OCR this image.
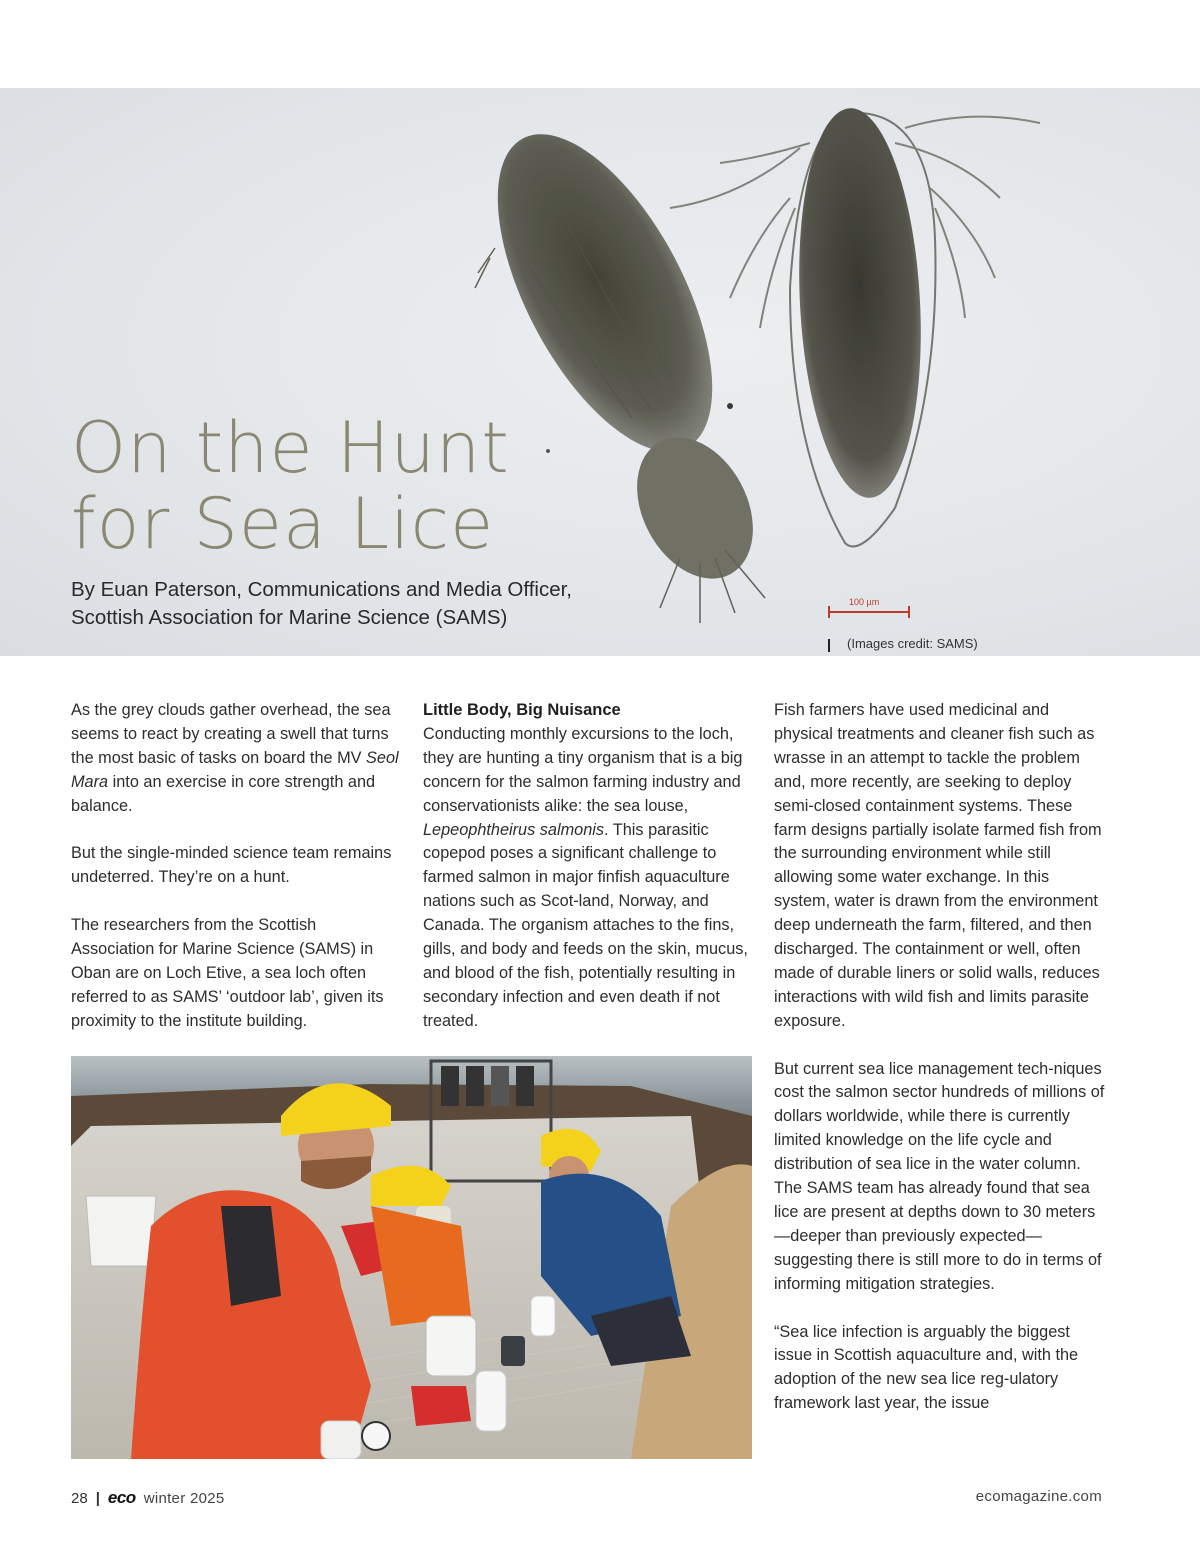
On the Hunt
for Sea Lice

By Euan Paterson, Communications and Media Officer,
Scottish Association for Marine Science (SAMS)

100 µm
(Images credit: SAMS)

As the grey clouds gather overhead, the sea seems to react by creating a swell that turns the most basic of tasks on board the MV Seol Mara into an exercise in core strength and balance.

But the single-minded science team remains undeterred. They’re on a hunt.

The researchers from the Scottish Association for Marine Science (SAMS) in Oban are on Loch Etive, a sea loch often referred to as SAMS’ ‘outdoor lab’, given its proximity to the institute building.

Little Body, Big Nuisance

Conducting monthly excursions to the loch, they are hunting a tiny organism that is a big concern for the salmon farming industry and conservationists alike: the sea louse, Lepeophtheirus salmonis. This parasitic copepod poses a significant challenge to farmed salmon in major finfish aquaculture nations such as Scot-land, Norway, and Canada. The organism attaches to the fins, gills, and body and feeds on the skin, mucus, and blood of the fish, potentially resulting in secondary infection and even death if not treated.

Fish farmers have used medicinal and physical treatments and cleaner fish such as wrasse in an attempt to tackle the problem and, more recently, are seeking to deploy semi-closed containment systems. These farm designs partially isolate farmed fish from the surrounding environment while still allowing some water exchange. In this system, water is drawn from the environment deep underneath the farm, filtered, and then discharged. The containment or well, often made of durable liners or solid walls, reduces interactions with wild fish and limits parasite exposure.

But current sea lice management tech-niques cost the salmon sector hundreds of millions of dollars worldwide, while there is currently limited knowledge on the life cycle and distribution of sea lice in the water column. The SAMS team has already found that sea lice are present at depths down to 30 meters—deeper than previously expected—suggesting there is still more to do in terms of informing mitigation strategies.

“Sea lice infection is arguably the biggest issue in Scottish aquaculture and, with the adoption of the new sea lice reg-ulatory framework last year, the issue

28 | eco winter 2025	ecomagazine.com
